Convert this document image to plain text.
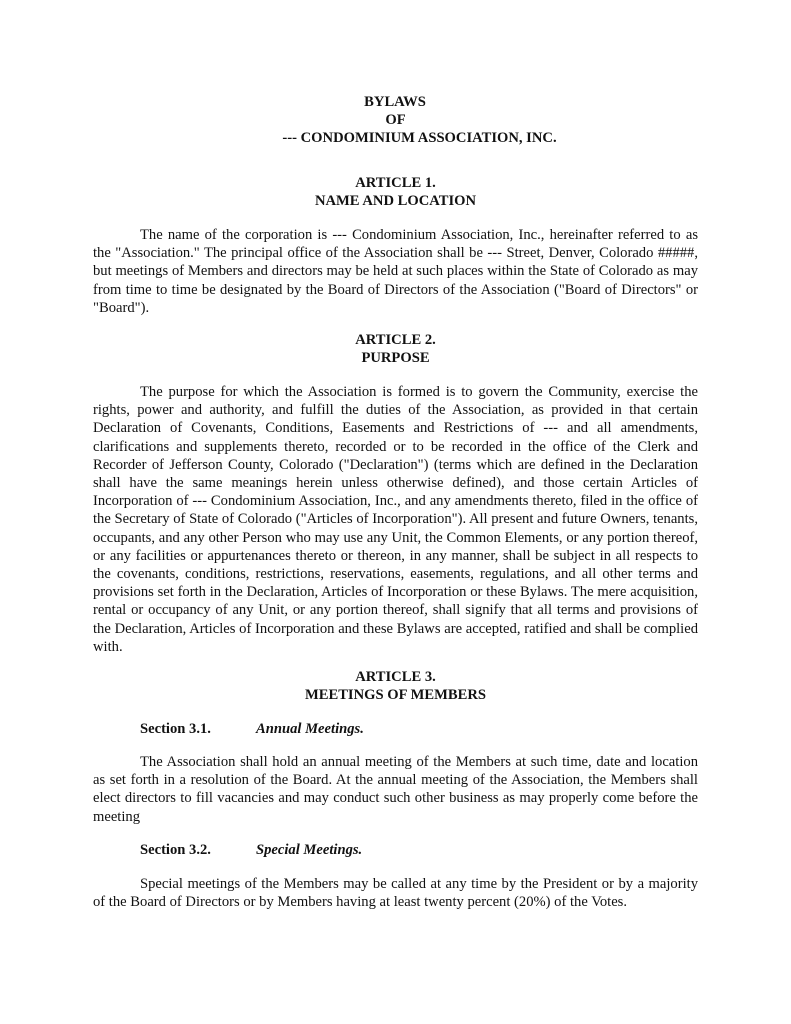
BYLAWS
OF
--- CONDOMINIUM ASSOCIATION, INC.
ARTICLE 1.
NAME AND LOCATION

The name of the corporation is --- Condominium Association, Inc., hereinafter referred to as the "Association." The principal office of the Association shall be --- Street, Denver, Colorado #####, but meetings of Members and directors may be held at such places within the State of Colorado as may from time to time be designated by the Board of Directors of the Association ("Board of Directors" or "Board").

ARTICLE 2.
PURPOSE

The purpose for which the Association is formed is to govern the Community, exercise the rights, power and authority, and fulfill the duties of the Association, as provided in that certain Declaration of Covenants, Conditions, Easements and Restrictions of --- and all amendments, clarifications and supplements thereto, recorded or to be recorded in the office of the Clerk and Recorder of Jefferson County, Colorado ("Declaration") (terms which are defined in the Declaration shall have the same meanings herein unless otherwise defined), and those certain Articles of Incorporation of --- Condominium Association, Inc., and any amendments thereto, filed in the office of the Secretary of State of Colorado ("Articles of Incorporation"). All present and future Owners, tenants, occupants, and any other Person who may use any Unit, the Common Elements, or any portion thereof, or any facilities or appurtenances thereto or thereon, in any manner, shall be subject in all respects to the covenants, conditions, restrictions, reservations, easements, regulations, and all other terms and provisions set forth in the Declaration, Articles of Incorporation or these Bylaws. The mere acquisition, rental or occupancy of any Unit, or any portion thereof, shall signify that all terms and provisions of the Declaration, Articles of Incorporation and these Bylaws are accepted, ratified and shall be complied with.

ARTICLE 3.
MEETINGS OF MEMBERS
Section 3.1.	Annual Meetings.

The Association shall hold an annual meeting of the Members at such time, date and location as set forth in a resolution of the Board. At the annual meeting of the Association, the Members shall elect directors to fill vacancies and may conduct such other business as may properly come before the meeting

Section 3.2.	Special Meetings.

Special meetings of the Members may be called at any time by the President or by a majority of the Board of Directors or by Members having at least twenty percent (20%) of the Votes.
